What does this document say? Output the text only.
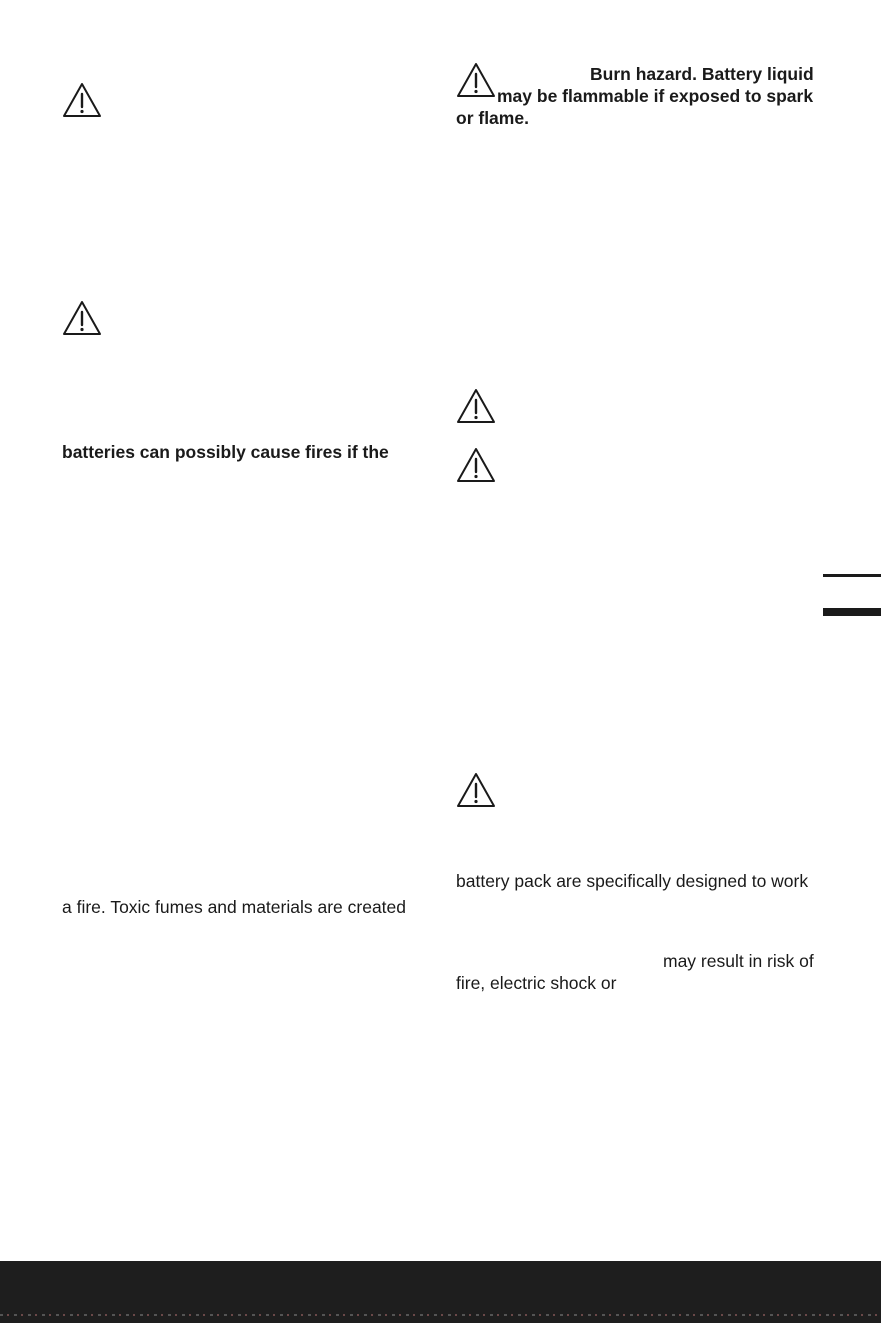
batteries can possibly cause fires if the
a fire. Toxic fumes and materials are created
Burn hazard. Battery liquid
may be flammable if exposed to spark
or flame.
battery pack are specifically designed to work
may result in risk of
fire, electric shock or
